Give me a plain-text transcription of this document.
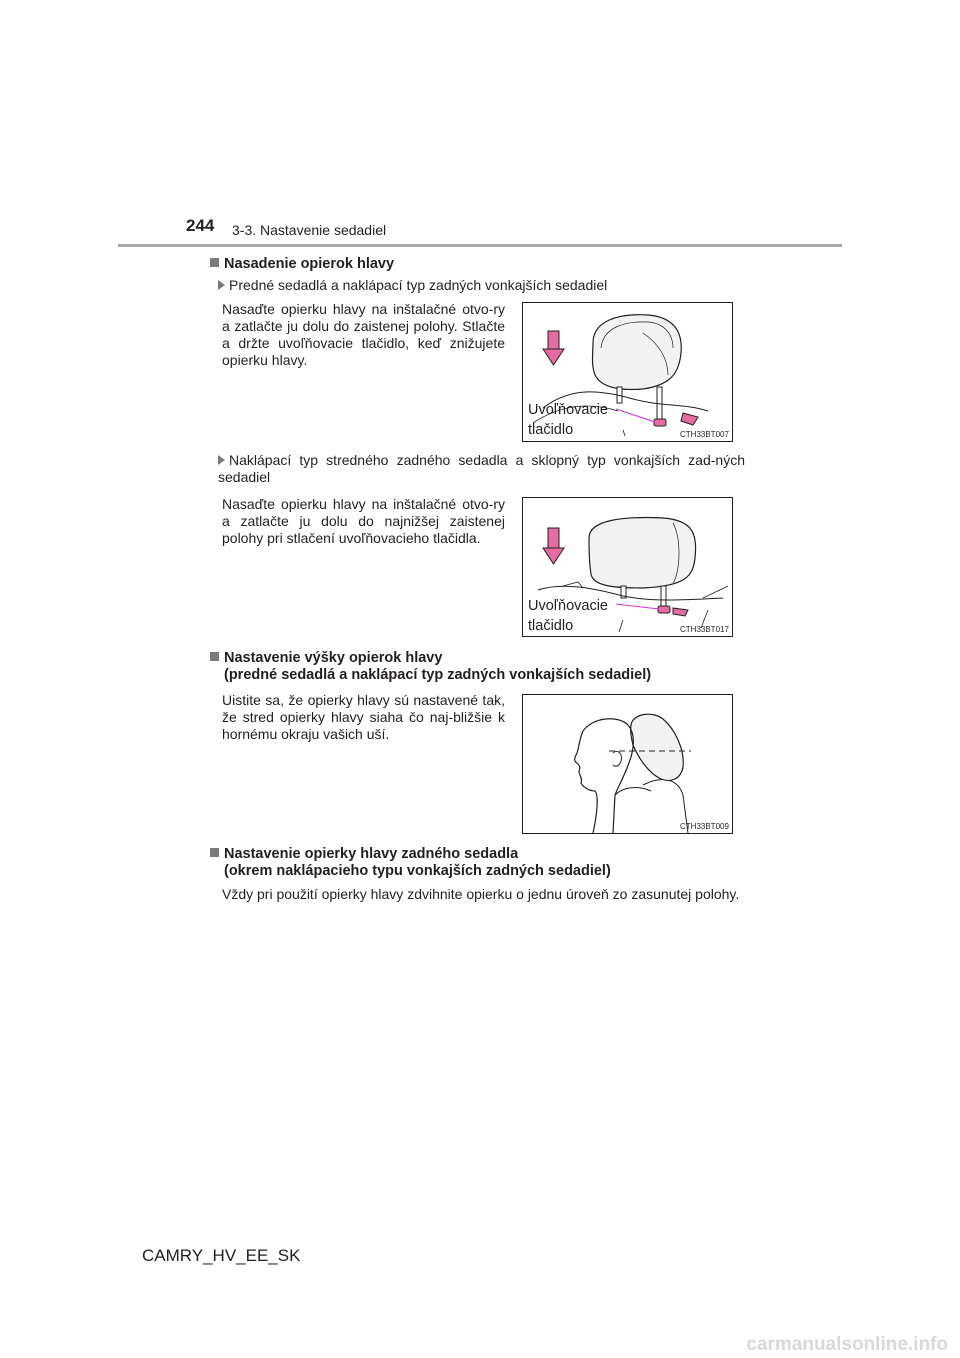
244 3-3. Nastavenie sedadiel
Nasadenie opierok hlavy
Predné sedadlá a naklápací typ zadných vonkajších sedadiel
Nasaďte opierku hlavy na inštalačné otvo-ry a zatlačte ju dolu do zaistenej polohy. Stlačte a držte uvoľňovacie tlačidlo, keď znižujete opierku hlavy.
Uvoľňovacie
tlačidlo	CTH33BT007
Naklápací typ stredného zadného sedadla a sklopný typ vonkajších zad-ných sedadiel
Nasaďte opierku hlavy na inštalačné otvo-ry a zatlačte ju dolu do najnižšej zaistenej polohy pri stlačení uvoľňovacieho tlačidla.
Uvoľňovacie
tlačidlo	CTH33BT017
Nastavenie výšky opierok hlavy
(predné sedadlá a naklápací typ zadných vonkajších sedadiel)
Uistite sa, že opierky hlavy sú nastavené tak, že stred opierky hlavy siaha čo naj-bližšie k hornému okraju vašich uší.
CTH33BT009
Nastavenie opierky hlavy zadného sedadla
(okrem naklápacieho typu vonkajších zadných sedadiel)
Vždy pri použití opierky hlavy zdvihnite opierku o jednu úroveň zo zasunutej polohy.
CAMRY_HV_EE_SK
carmanualsonline.info
